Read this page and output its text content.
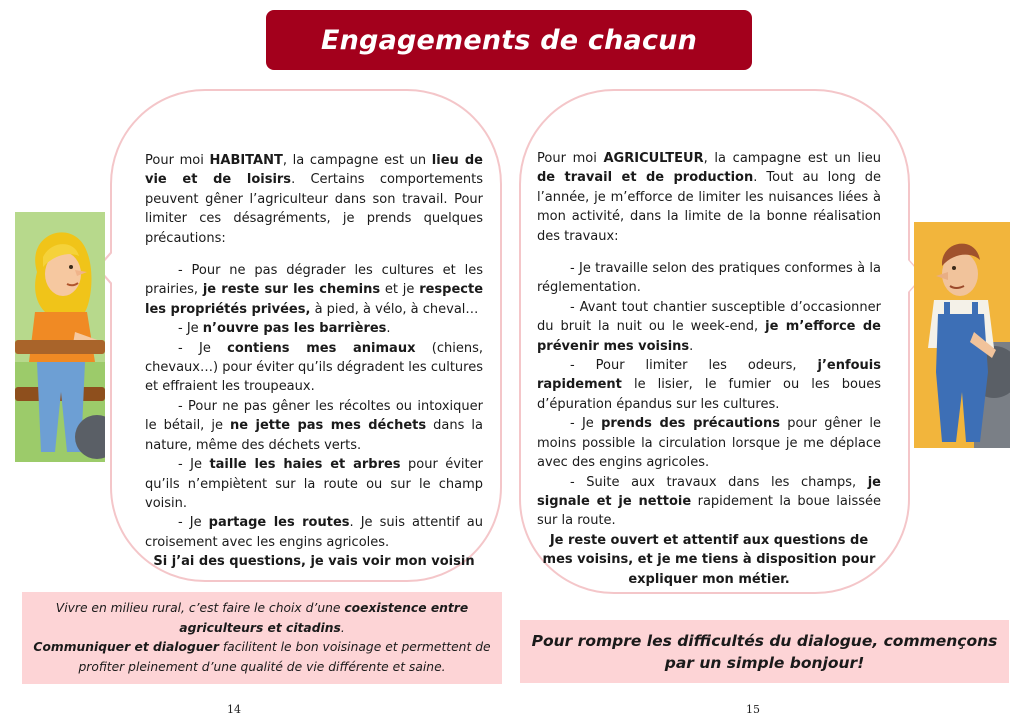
Engagements de chacun

Pour moi HABITANT, la campagne est un lieu de vie et de loisirs. Certains comportements peuvent gêner l’agriculteur dans son travail. Pour limiter ces désagréments, je prends quelques précautions:

- Pour ne pas dégrader les cultures et les prairies, je reste sur les chemins et je respecte les propriétés privées, à pied, à vélo, à cheval…

- Je n’ouvre pas les barrières.

- Je contiens mes animaux (chiens, chevaux…) pour éviter qu’ils dégradent les cultures et effraient les troupeaux.

- Pour ne pas gêner les récoltes ou intoxiquer le bétail, je ne jette pas mes déchets dans la nature, même des déchets verts.

- Je taille les haies et arbres pour éviter qu’ils n’empiètent sur la route ou sur le champ voisin.

- Je partage les routes. Je suis attentif au croisement avec les engins agricoles.

Si j’ai des questions, je vais voir mon voisin

Pour moi AGRICULTEUR, la campagne est un lieu de travail et de production. Tout au long de l’année, je m’efforce de limiter les nuisances liées à mon activité, dans la limite de la bonne réalisation des travaux:

- Je travaille selon des pratiques conformes à la réglementation.

- Avant tout chantier susceptible d’occasionner du bruit la nuit ou le week-end, je m’efforce de prévenir mes voisins.

- Pour limiter les odeurs, j’enfouis rapidement le lisier, le fumier ou les boues d’épuration épandus sur les cultures.

- Je prends des précautions pour gêner le moins possible la circulation lorsque je me déplace avec des engins agricoles.

- Suite aux travaux dans les champs, je signale et je nettoie rapidement la boue laissée sur la route.

Je reste ouvert et attentif aux questions de mes voisins, et je me tiens à disposition pour expliquer mon métier.

Vivre en milieu rural, c’est faire le choix d’une coexistence entre agriculteurs et citadins.
Communiquer et dialoguer facilitent le bon voisinage et permettent de profiter pleinement d’une qualité de vie différente et saine.
Pour rompre les difficultés du dialogue, commençons par un simple bonjour!
14	15
